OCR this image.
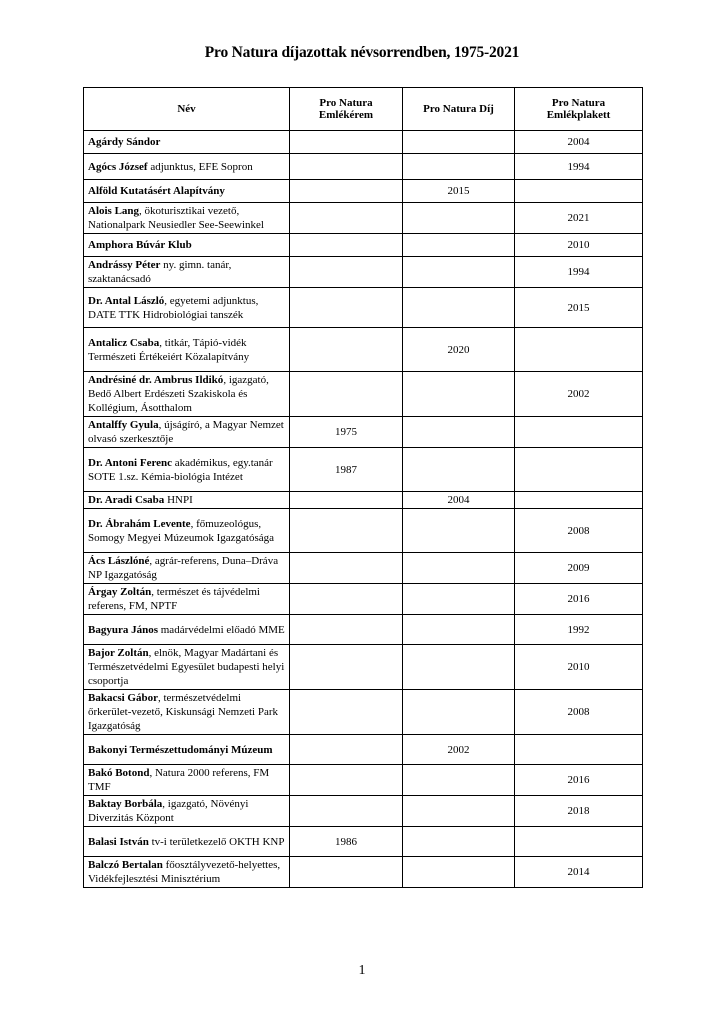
Pro Natura díjazottak névsorrendben, 1975-2021
Név	Pro Natura Emlékérem	Pro Natura Díj	Pro Natura Emlékplakett
Agárdy Sándor			2004
Agócs József adjunktus, EFE Sopron			1994
Alföld Kutatásért Alapítvány		2015	
Alois Lang, ökoturisztikai vezető, Nationalpark Neusiedler See-Seewinkel			2021
Amphora Búvár Klub			2010
Andrássy Péter ny. gimn. tanár, szaktanácsadó			1994
Dr. Antal László, egyetemi adjunktus, DATE TTK Hidrobiológiai tanszék			2015
Antalicz Csaba, titkár, Tápió-vidék Természeti Értékeiért Közalapítvány		2020	
Andrésiné dr. Ambrus Ildikó, igazgató, Bedő Albert Erdészeti Szakiskola és Kollégium, Ásotthalom			2002
Antalffy Gyula, újságíró, a Magyar Nemzet olvasó szerkesztője	1975		
Dr. Antoni Ferenc akadémikus, egy.tanár SOTE 1.sz. Kémia-biológia Intézet	1987		
Dr. Aradi Csaba HNPI		2004	
Dr. Ábrahám Levente, főmuzeológus, Somogy Megyei Múzeumok Igazgatósága			2008
Ács Lászlóné, agrár-referens, Duna–Dráva NP Igazgatóság			2009
Árgay Zoltán, természet és tájvédelmi referens, FM, NPTF			2016
Bagyura János madárvédelmi előadó MME			1992
Bajor Zoltán, elnök, Magyar Madártani és Természetvédelmi Egyesület budapesti helyi csoportja			2010
Bakacsi Gábor, természetvédelmi őrkerület-vezető, Kiskunsági Nemzeti Park Igazgatóság			2008
Bakonyi Természettudományi Múzeum		2002	
Bakó Botond, Natura 2000 referens, FM TMF			2016
Baktay Borbála, igazgató, Növényi Diverzitás Központ			2018
Balasi István tv-i területkezelő OKTH KNP	1986		
Balczó Bertalan főosztályvezető-helyettes, Vidékfejlesztési Minisztérium			2014
1
